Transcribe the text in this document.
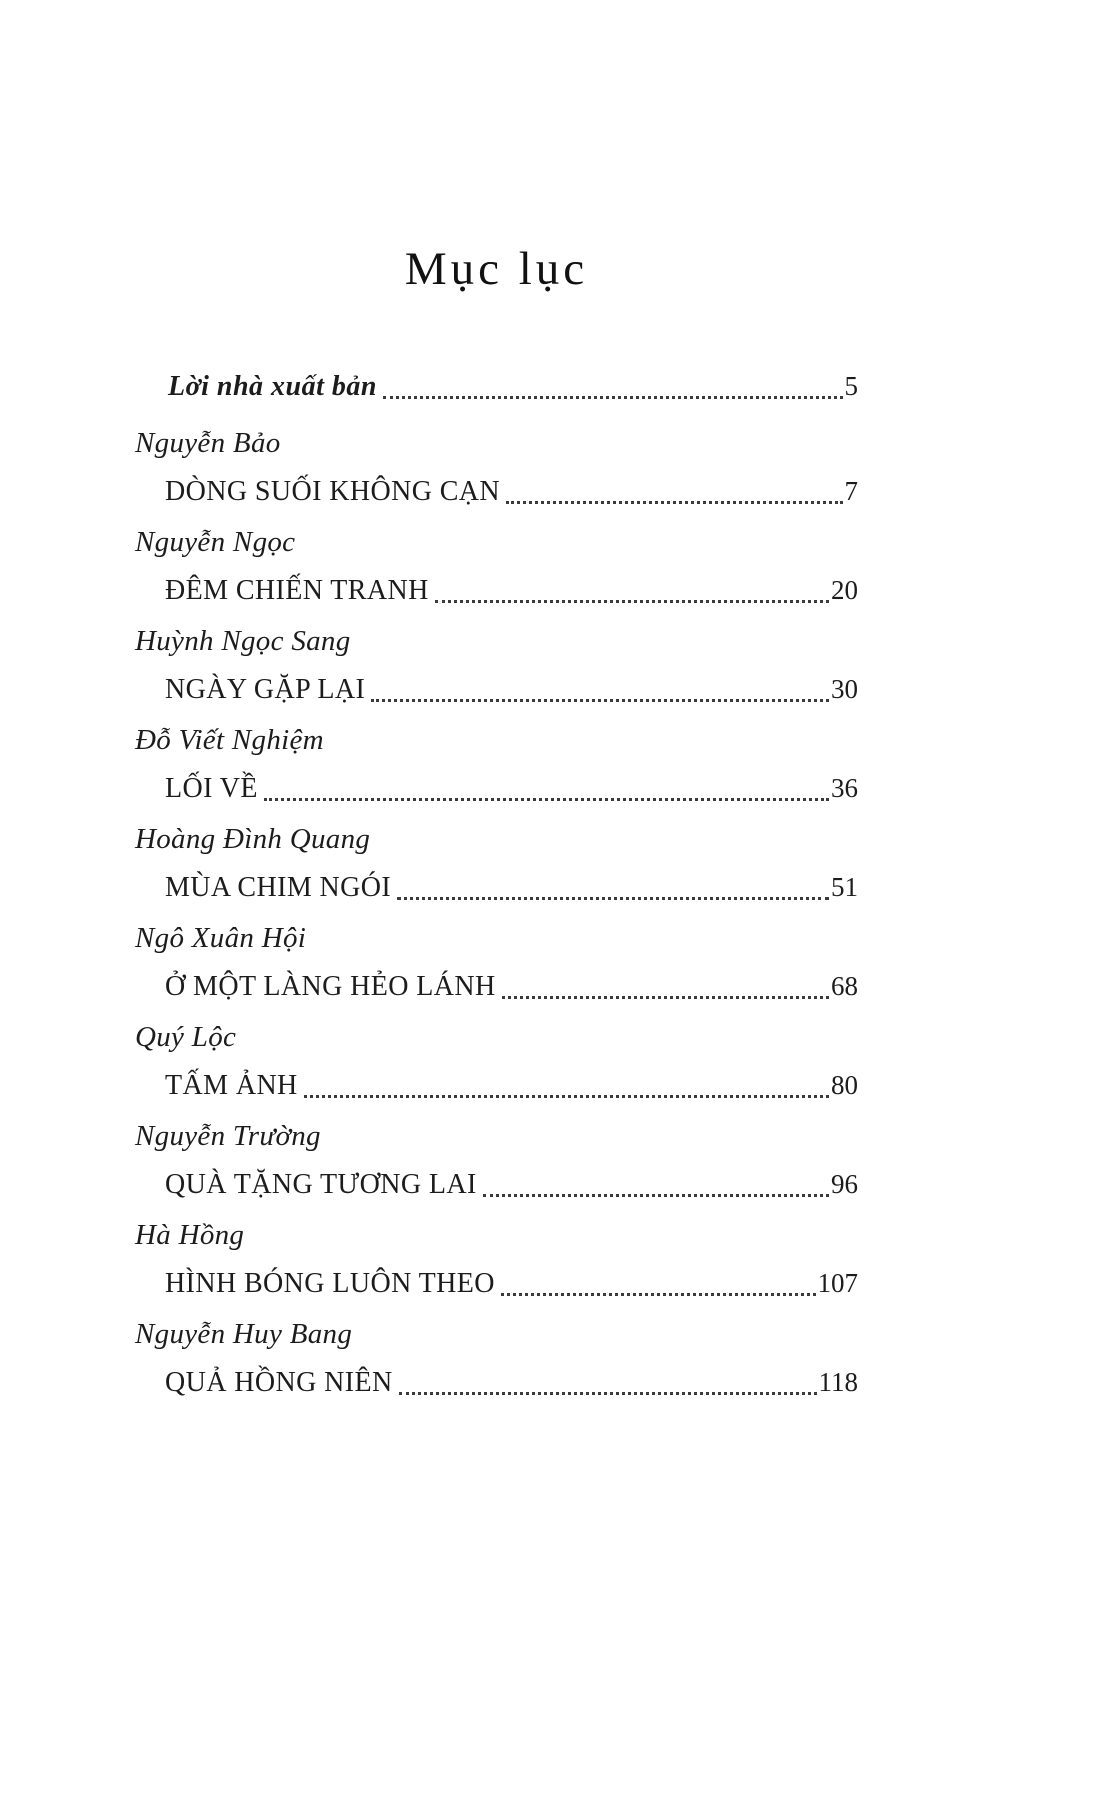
Mục lục
Lời nhà xuất bản	5
Nguyễn Bảo
DÒNG SUỐI KHÔNG CẠN	7
Nguyễn Ngọc
ĐÊM CHIẾN TRANH	20
Huỳnh Ngọc Sang
NGÀY GẶP LẠI	30
Đỗ Viết Nghiệm
LỐI VỀ	36
Hoàng Đình Quang
MÙA CHIM NGÓI	51
Ngô Xuân Hội
Ở MỘT LÀNG HẺO LÁNH	68
Quý Lộc
TẤM ẢNH	80
Nguyễn Trường
QUÀ TẶNG TƯƠNG LAI	96
Hà Hồng
HÌNH BÓNG LUÔN THEO	107
Nguyễn Huy Bang
QUẢ HỒNG NIÊN	118
